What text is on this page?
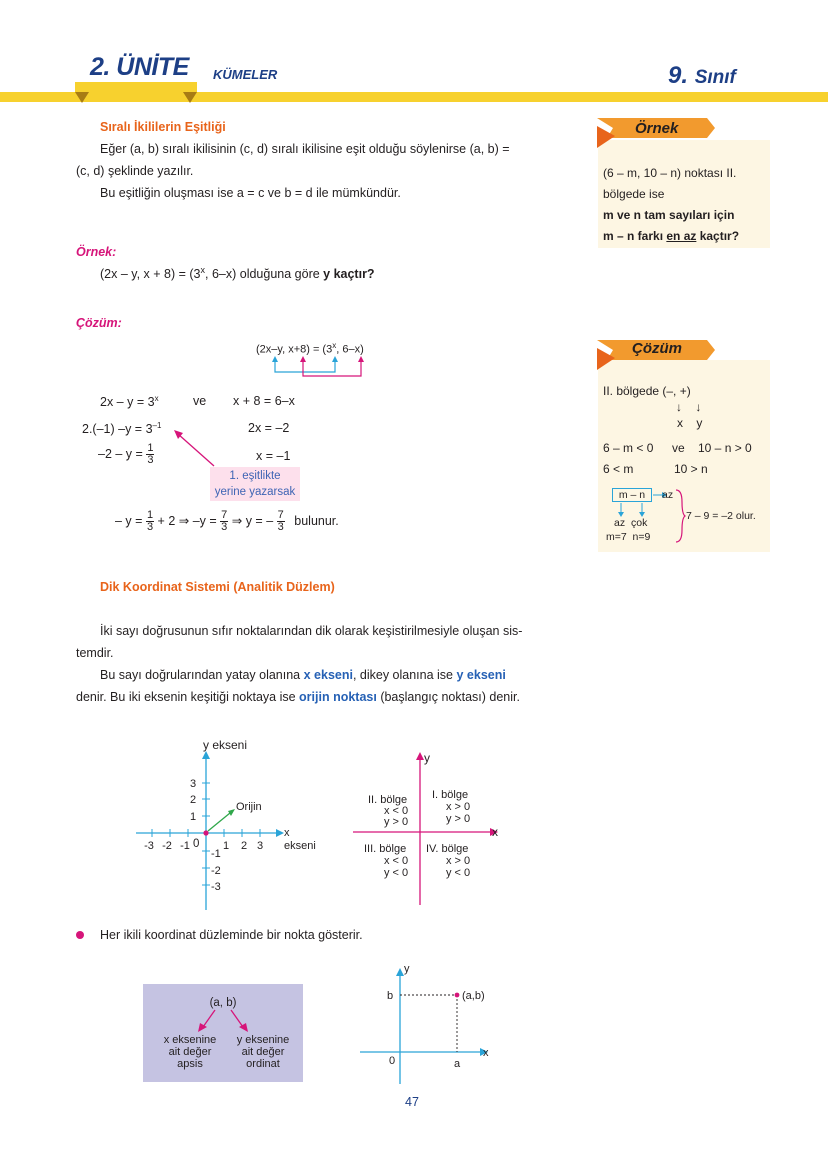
2. ÜNİTE KÜMELER	9. Sınıf
Sıralı İkililerin Eşitliği
Eğer (a, b) sıralı ikilisinin (c, d) sıralı ikilisine eşit olduğu söylenirse (a, b) =
(c, d) şeklinde yazılır.
Bu eşitliğin oluşması ise a = c ve b = d ile mümkündür.
Örnek:
(2x – y, $x + 8) = (3^x$, 6–x) olduğuna göre y kaçtır?
Çözüm:
(2x–y, $x+8) = (3^x$, 6–x)
$2x - y = 3^x$	ve x + 8 = 6–x
2.(–1) $-y = 3^{-1}$	2x = –2
$-2 - y = \frac{1}{3}$	x = –1
1. eşitlikte
yerine yazarsak
– $y = \frac{1}{3} + 2$ ⇒ $-y = \frac{7}{3}$ ⇒ y = – $\frac{7}{3}$ bulunur.
Örnek
(6 – m, 10 – n) noktası II.
bölgede ise
m ve n tam sayıları için
m – n farkı en az kaçtır?
Çözüm
II. bölgede (–, +)
↓    ↓
x    y
6 – m < 0 ve 10 – n > 0
6 < m	10 > n
m – n	az
az çok
m=7  n=9
7 – 9 = –2 olur.
Dik Koordinat Sistemi (Analitik Düzlem)
İki sayı doğrusunun sıfır noktalarından dik olarak keşistirilmesiyle oluşan sis-
temdir.
Bu sayı doğrularından yatay olanına x ekseni, dikey olanına ise y ekseni
denir. Bu iki eksenin keşitiği noktaya ise orijin noktası (başlangıç noktası) denir.
y ekseni
Orijin
x
ekseni
0
-3 -2 -1	1 2 3
3
2
1
-1
-2
-3
y
x
I. bölge
x > 0
y > 0
II. bölge
x < 0
y > 0
III. bölge
x < 0
y < 0
IV. bölge
x > 0
y < 0
Her ikili koordinat düzleminde bir nokta gösterir.
(a, b)
x eksenine
ait değer
apsis
y eksenine
ait değer
ordinat
y
x
b
a
0
(a,b)
47
